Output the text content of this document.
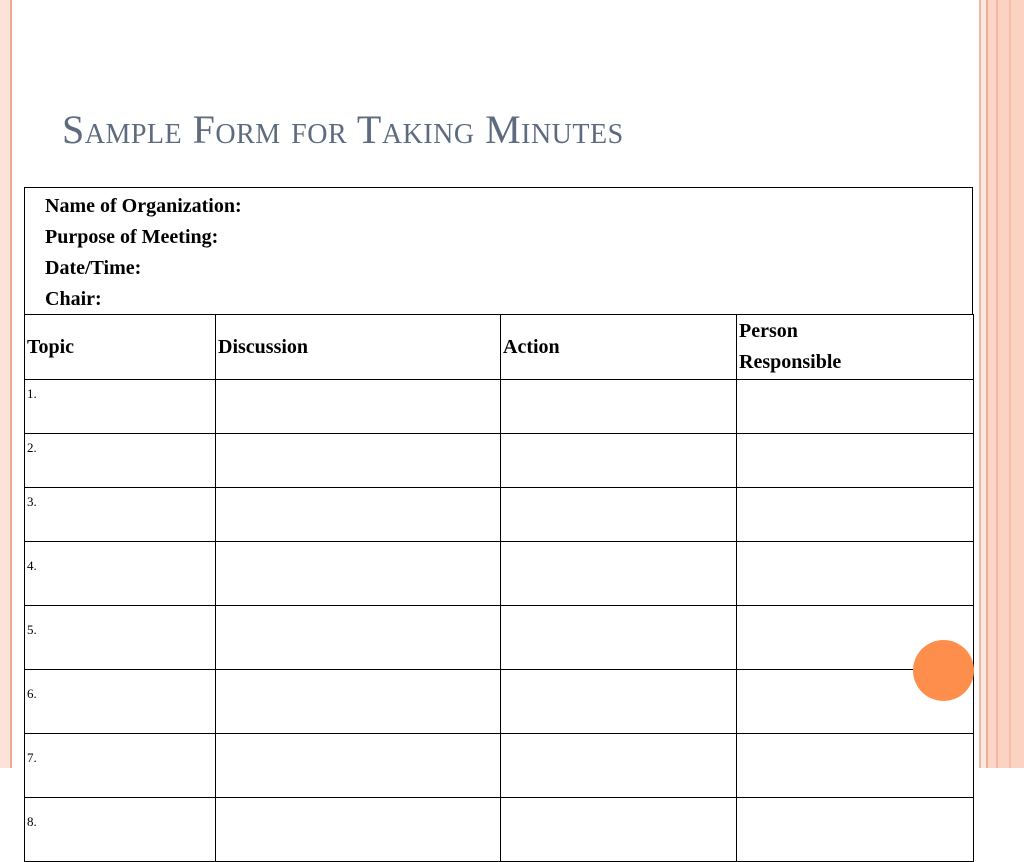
Sample Form for Taking Minutes
Name of Organization:
Purpose of Meeting:
Date/Time:
Chair:
Topic	Discussion	Action	Person
Responsible
1.			
2.			
3.			
4.			
5.			
6.			
7.			
8.			
